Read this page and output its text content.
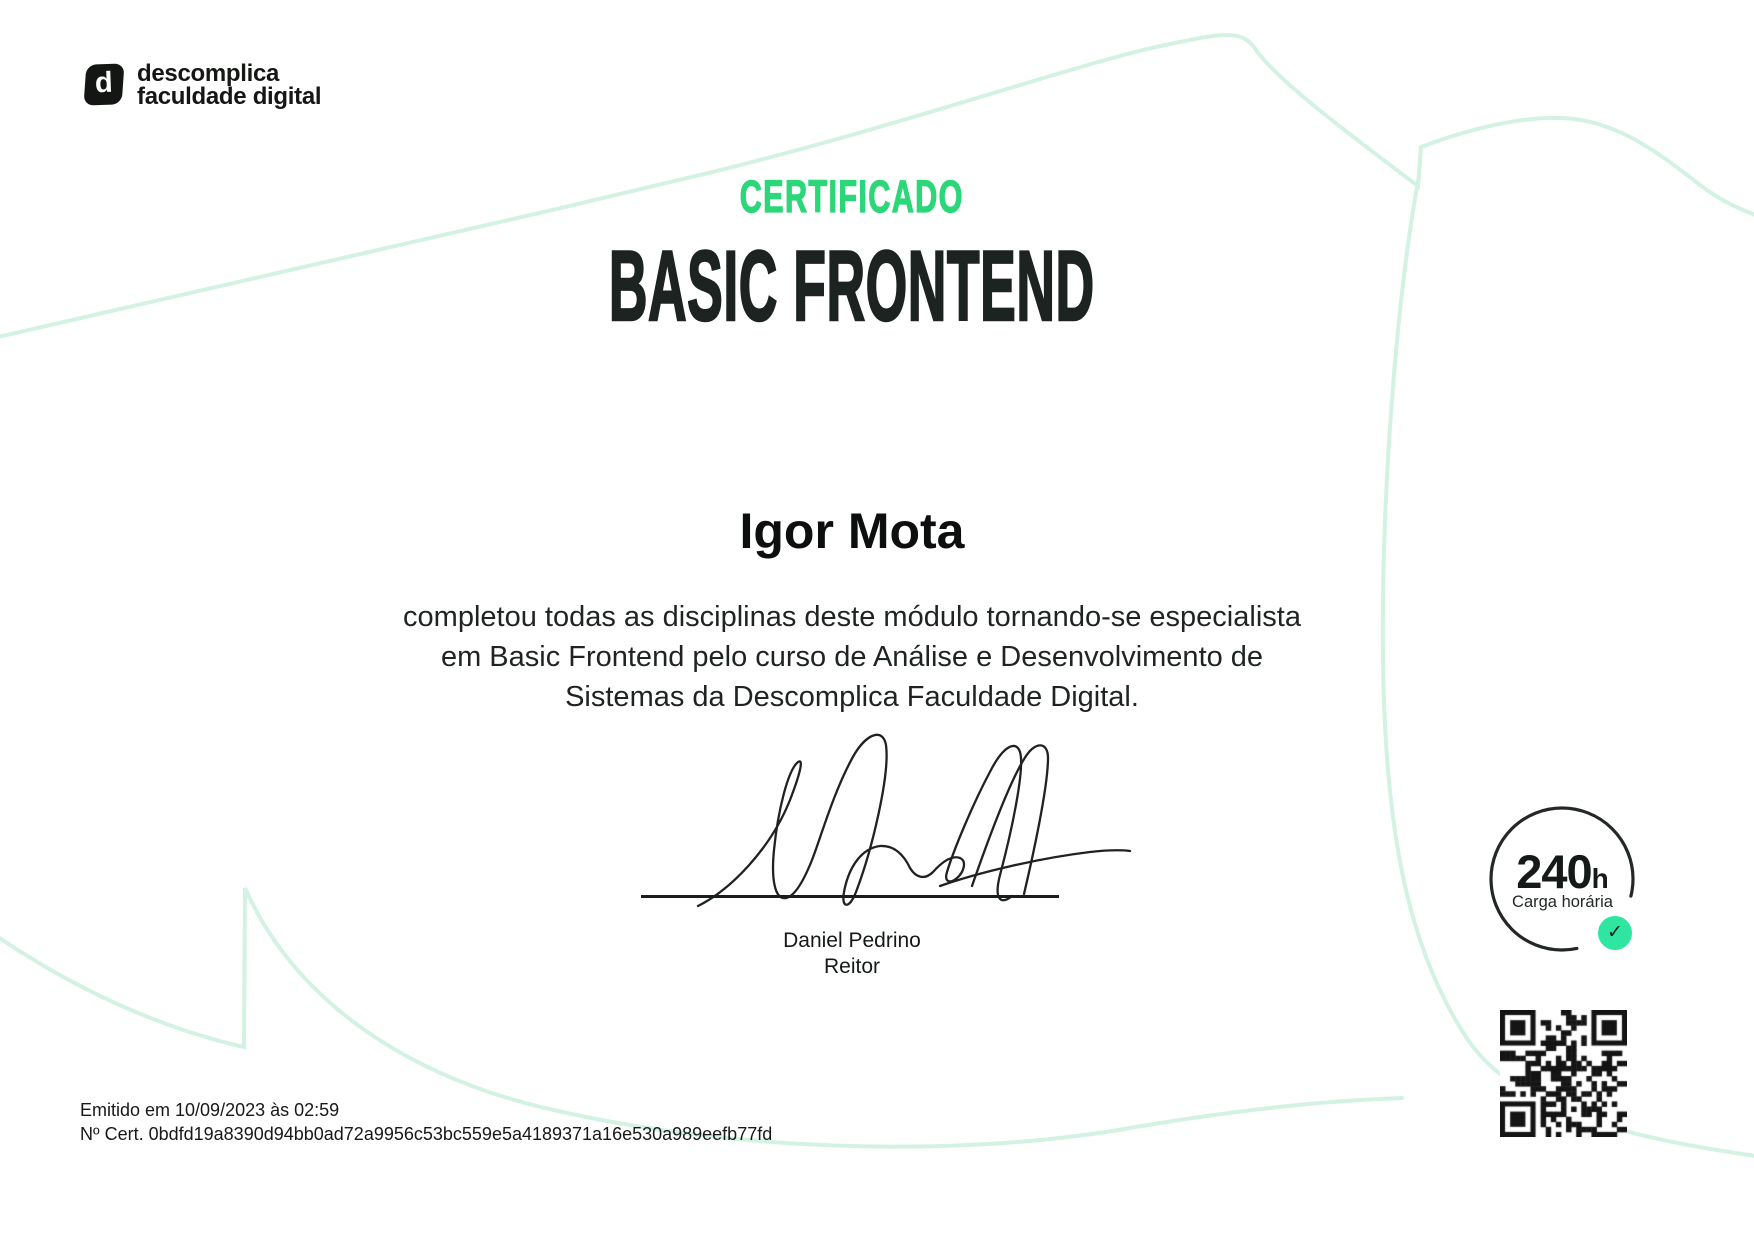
d descomplica
faculdade digital
CERTIFICADO
BASIC FRONTEND
Igor Mota
completou todas as disciplinas deste módulo tornando-se especialista
em Basic Frontend pelo curso de Análise e Desenvolvimento de
Sistemas da Descomplica Faculdade Digital.
Daniel Pedrino
Reitor
240h
Carga horária
✓
Emitido em 10/09/2023 às 02:59
Nº Cert. 0bdfd19a8390d94bb0ad72a9956c53bc559e5a4189371a16e530a989eefb77fd
